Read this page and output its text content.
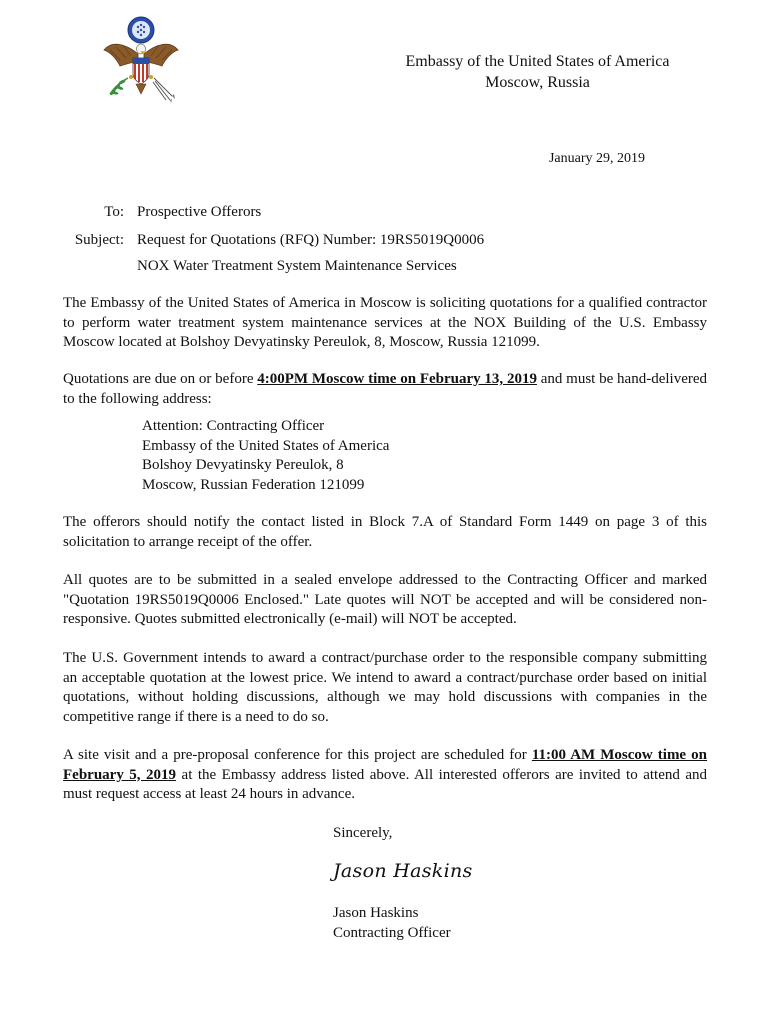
Embassy of the United States of America
Moscow, Russia
January 29, 2019
To: Prospective Offerors
Subject: Request for Quotations (RFQ) Number: 19RS5019Q0006
NOX Water Treatment System Maintenance Services

The Embassy of the United States of America in Moscow is soliciting quotations for a qualified contractor to perform water treatment system maintenance services at the NOX Building of the U.S. Embassy Moscow located at Bolshoy Devyatinsky Pereulok, 8, Moscow, Russia 121099.

Quotations are due on or before 4:00PM Moscow time on February 13, 2019 and must be hand-delivered to the following address:

Attention: Contracting Officer
Embassy of the United States of America
Bolshoy Devyatinsky Pereulok, 8
Moscow, Russian Federation 121099

The offerors should notify the contact listed in Block 7.A of Standard Form 1449 on page 3 of this solicitation to arrange receipt of the offer.

All quotes are to be submitted in a sealed envelope addressed to the Contracting Officer and marked "Quotation 19RS5019Q0006 Enclosed." Late quotes will NOT be accepted and will be considered non-responsive. Quotes submitted electronically (e-mail) will NOT be accepted.

The U.S. Government intends to award a contract/purchase order to the responsible company submitting an acceptable quotation at the lowest price. We intend to award a contract/purchase order based on initial quotations, without holding discussions, although we may hold discussions with companies in the competitive range if there is a need to do so.

A site visit and a pre-proposal conference for this project are scheduled for 11:00 AM Moscow time on February 5, 2019 at the Embassy address listed above. All interested offerors are invited to attend and must request access at least 24 hours in advance.

Sincerely,
Jason Haskins
Jason Haskins
Contracting Officer
